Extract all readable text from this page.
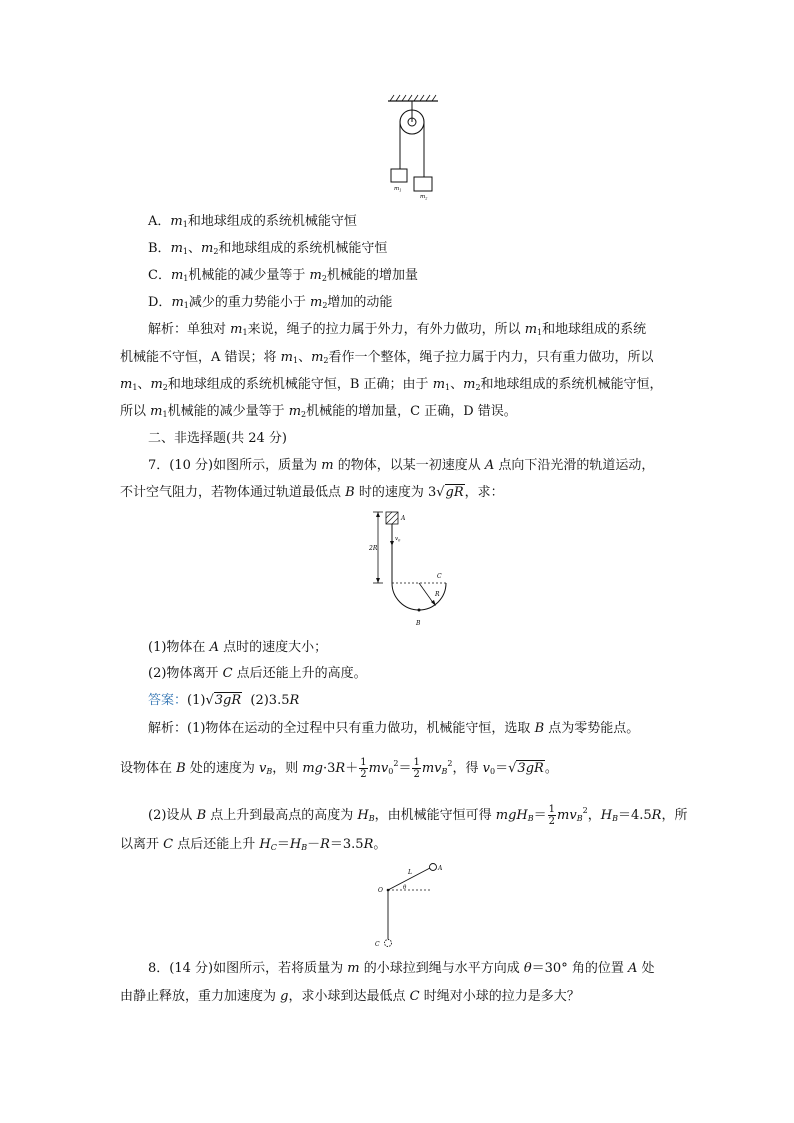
$m_1$
$m_2$
A．$m_1$和地球组成的系统机械能守恒
B．$m_1$、$m_2$和地球组成的系统机械能守恒
C．$m_1$机械能的减少量等于 $m_2$机械能的增加量
D．$m_1$减少的重力势能小于 $m_2$增加的动能
解析：单独对 $m_1$来说，绳子的拉力属于外力，有外力做功，所以 $m_1$和地球组成的系统
机械能不守恒，A 错误；将 $m_1$、$m_2$看作一个整体，绳子拉力属于内力，只有重力做功，所以
$m_1$、$m_2$和地球组成的系统机械能守恒，B 正确；由于 $m_1$、$m_2$和地球组成的系统机械能守恒，
所以 $m_1$机械能的减少量等于 $m_2$机械能的增加量，C 正确，D 错误。
二、非选择题(共 24 分)
7．(10 分)如图所示，质量为 m 的物体，以某一初速度从 A 点向下沿光滑的轨道运动，
不计空气阻力，若物体通过轨道最低点 B 时的速度为 3√gR，求：
2R
A
$v_0$
C
R
B
(1)物体在 A 点时的速度大小；
(2)物体离开 C 点后还能上升的高度。
答案：(1)√3gR (2)3.5R
解析：(1)物体在运动的全过程中只有重力做功，机械能守恒，选取 B 点为零势能点。
设物体在 B 处的速度为 $v_B$，则 $mg\cdot 3R+ \frac{1}{2} mv_0^2= \frac{1}{2} mv_B^2$，得 $v_0=√3gR$。
(2)设从 B 点上升到最高点的高度为 $H_B$，由机械能守恒可得 $mgH_B= \frac{1}{2} mv_B^2$，$H_B=4.5R$，所
以离开 C 点后还能上升 $H_C=H_B-R=3.5R$。
O
A
L
θ
C
8．(14 分)如图所示，若将质量为 m 的小球拉到绳与水平方向成 θ＝30° 角的位置 A 处
由静止释放，重力加速度为 g，求小球到达最低点 C 时绳对小球的拉力是多大？
